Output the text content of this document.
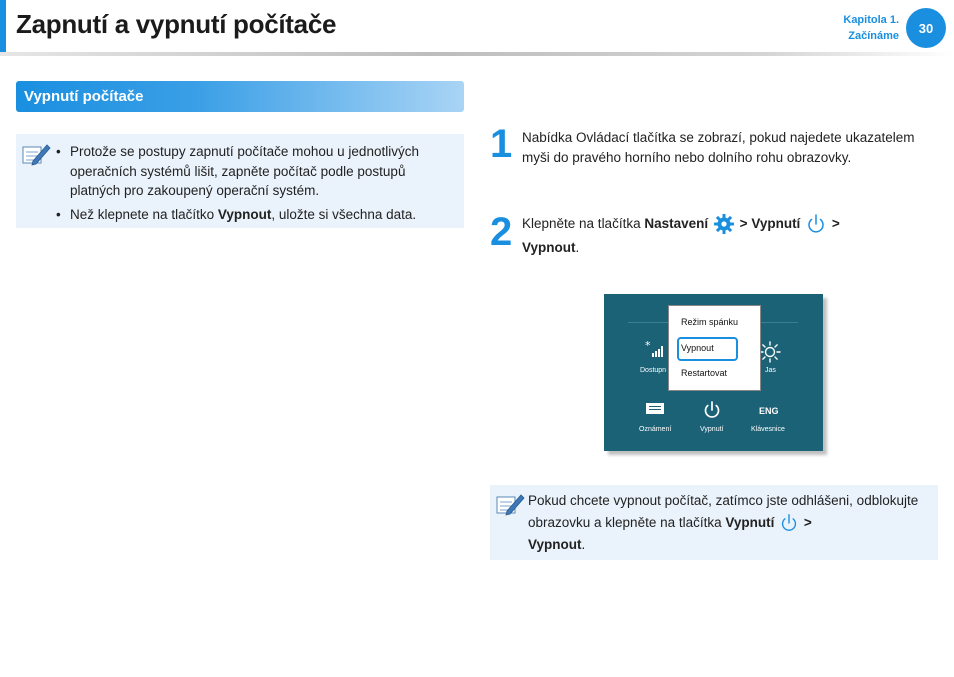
Zapnutí a vypnutí počítače	Kapitola 1.
Začínáme
30
Vypnutí počítače
• Protože se postupy zapnutí počítače mohou u jednotlivých operačních systémů lišit, zapněte počítač podle postupů platných pro zakoupený operační systém.
• Než klepnete na tlačítko Vypnout, uložte si všechna data.
1 Nabídka Ovládací tlačítka se zobrazí, pokud najedete ukazatelem myši do pravého horního nebo dolního rohu obrazovky.
2 Klepněte na tlačítka Nastavení  > Vypnutí  >
Vypnout.
*
Dostupn	Jas
Oznámení	Vypnutí
ENG
Klávesnice
Režim spánku
Vypnout
Restartovat
Pokud chcete vypnout počítač, zatímco jste odhlášeni, odblokujte obrazovku a klepněte na tlačítka Vypnutí  >
Vypnout.
